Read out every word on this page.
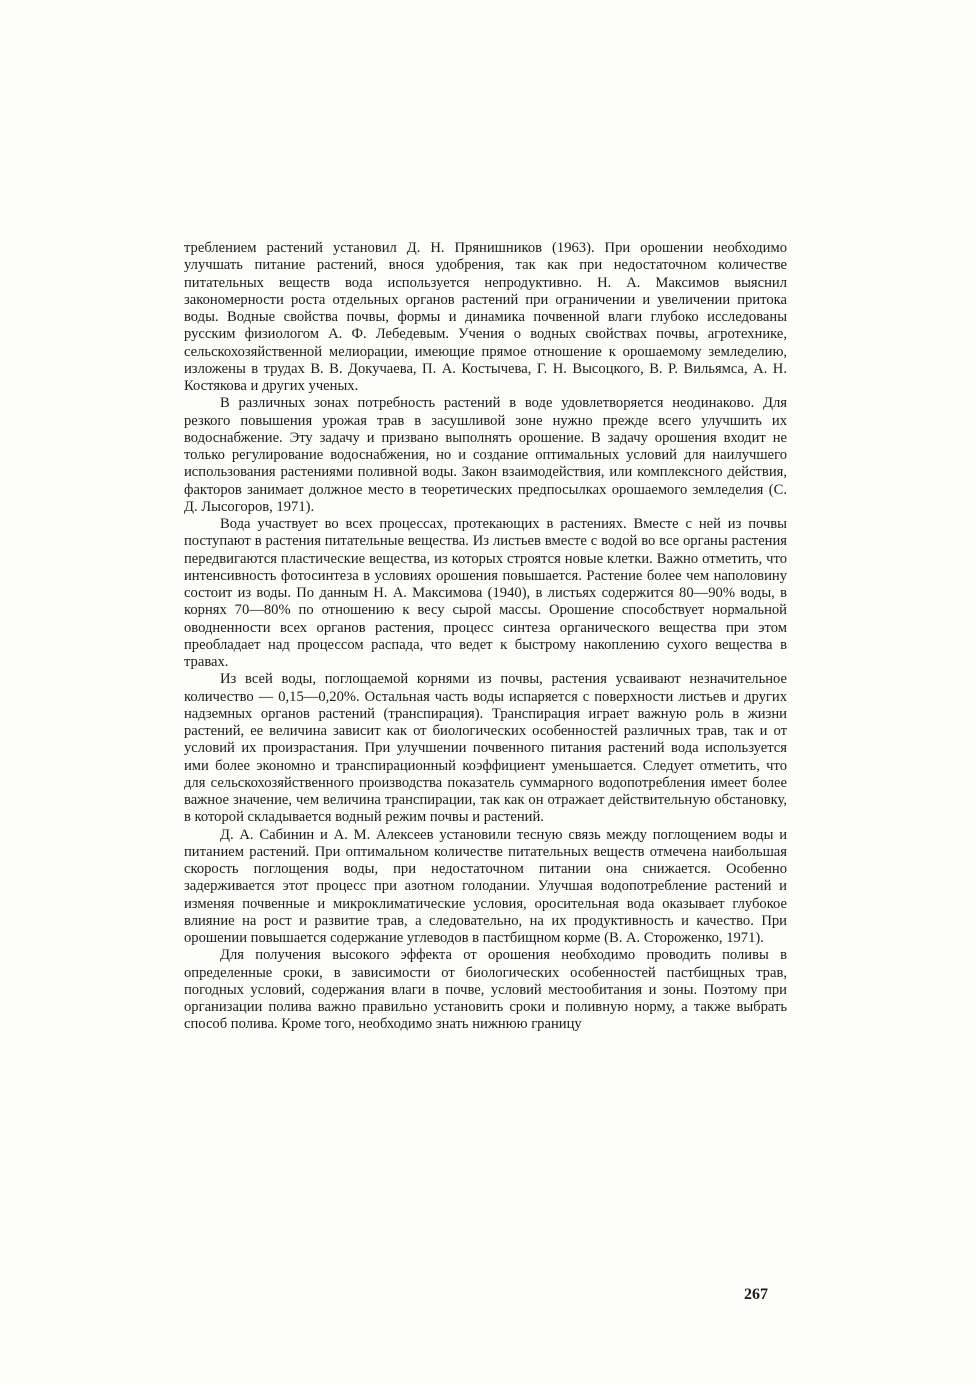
треблением растений установил Д. Н. Прянишников (1963). При орошении необходимо улучшать питание растений, внося удобрения, так как при недостаточном количестве питательных веществ вода используется непродуктивно. Н. А. Максимов выяснил закономерности роста отдельных органов растений при ограничении и увеличении притока воды. Водные свойства почвы, формы и динамика почвенной влаги глубоко исследованы русским физиологом А. Ф. Лебедевым. Учения о водных свойствах почвы, агротехнике, сельскохозяйственной мелиорации, имеющие прямое отношение к орошаемому земледелию, изложены в трудах В. В. Докучаева, П. А. Костычева, Г. Н. Высоцкого, В. Р. Вильямса, А. Н. Костякова и других ученых.

В различных зонах потребность растений в воде удовлетворяется неодинаково. Для резкого повышения урожая трав в засушливой зоне нужно прежде всего улучшить их водоснабжение. Эту задачу и призвано выполнять орошение. В задачу орошения входит не только регулирование водоснабжения, но и создание оптимальных условий для наилучшего использования растениями поливной воды. Закон взаимодействия, или комплексного действия, факторов занимает должное место в теоретических предпосылках орошаемого земледелия (С. Д. Лысогоров, 1971).

Вода участвует во всех процессах, протекающих в растениях. Вместе с ней из почвы поступают в растения питательные вещества. Из листьев вместе с водой во все органы растения передвигаются пластические вещества, из которых строятся новые клетки. Важно отметить, что интенсивность фотосинтеза в условиях орошения повышается. Растение более чем наполовину состоит из воды. По данным Н. А. Максимова (1940), в листьях содержится 80—90% воды, в корнях 70—80% по отношению к весу сырой массы. Орошение способствует нормальной оводненности всех органов растения, процесс синтеза органического вещества при этом преобладает над процессом распада, что ведет к быстрому накоплению сухого вещества в травах.

Из всей воды, поглощаемой корнями из почвы, растения усваивают незначительное количество — 0,15—0,20%. Остальная часть воды испаряется с поверхности листьев и других надземных органов растений (транспирация). Транспирация играет важную роль в жизни растений, ее величина зависит как от биологических особенностей различных трав, так и от условий их произрастания. При улучшении почвенного питания растений вода используется ими более экономно и транспирационный коэффициент уменьшается. Следует отметить, что для сельскохозяйственного производства показатель суммарного водопотребления имеет более важное значение, чем величина транспирации, так как он отражает действительную обстановку, в которой складывается водный режим почвы и растений.

Д. А. Сабинин и А. М. Алексеев установили тесную связь между поглощением воды и питанием растений. При оптимальном количестве питательных веществ отмечена наибольшая скорость поглощения воды, при недостаточном питании она снижается. Особенно задерживается этот процесс при азотном голодании. Улучшая водопотребление растений и изменяя почвенные и микроклиматические условия, оросительная вода оказывает глубокое влияние на рост и развитие трав, а следовательно, на их продуктивность и качество. При орошении повышается содержание углеводов в пастбищном корме (В. А. Стороженко, 1971).

Для получения высокого эффекта от орошения необходимо проводить поливы в определенные сроки, в зависимости от биологических особенностей пастбищных трав, погодных условий, содержания влаги в почве, условий местообитания и зоны. Поэтому при организации полива важно правильно установить сроки и поливную норму, а также выбрать способ полива. Кроме того, необходимо знать нижнюю границу

267
